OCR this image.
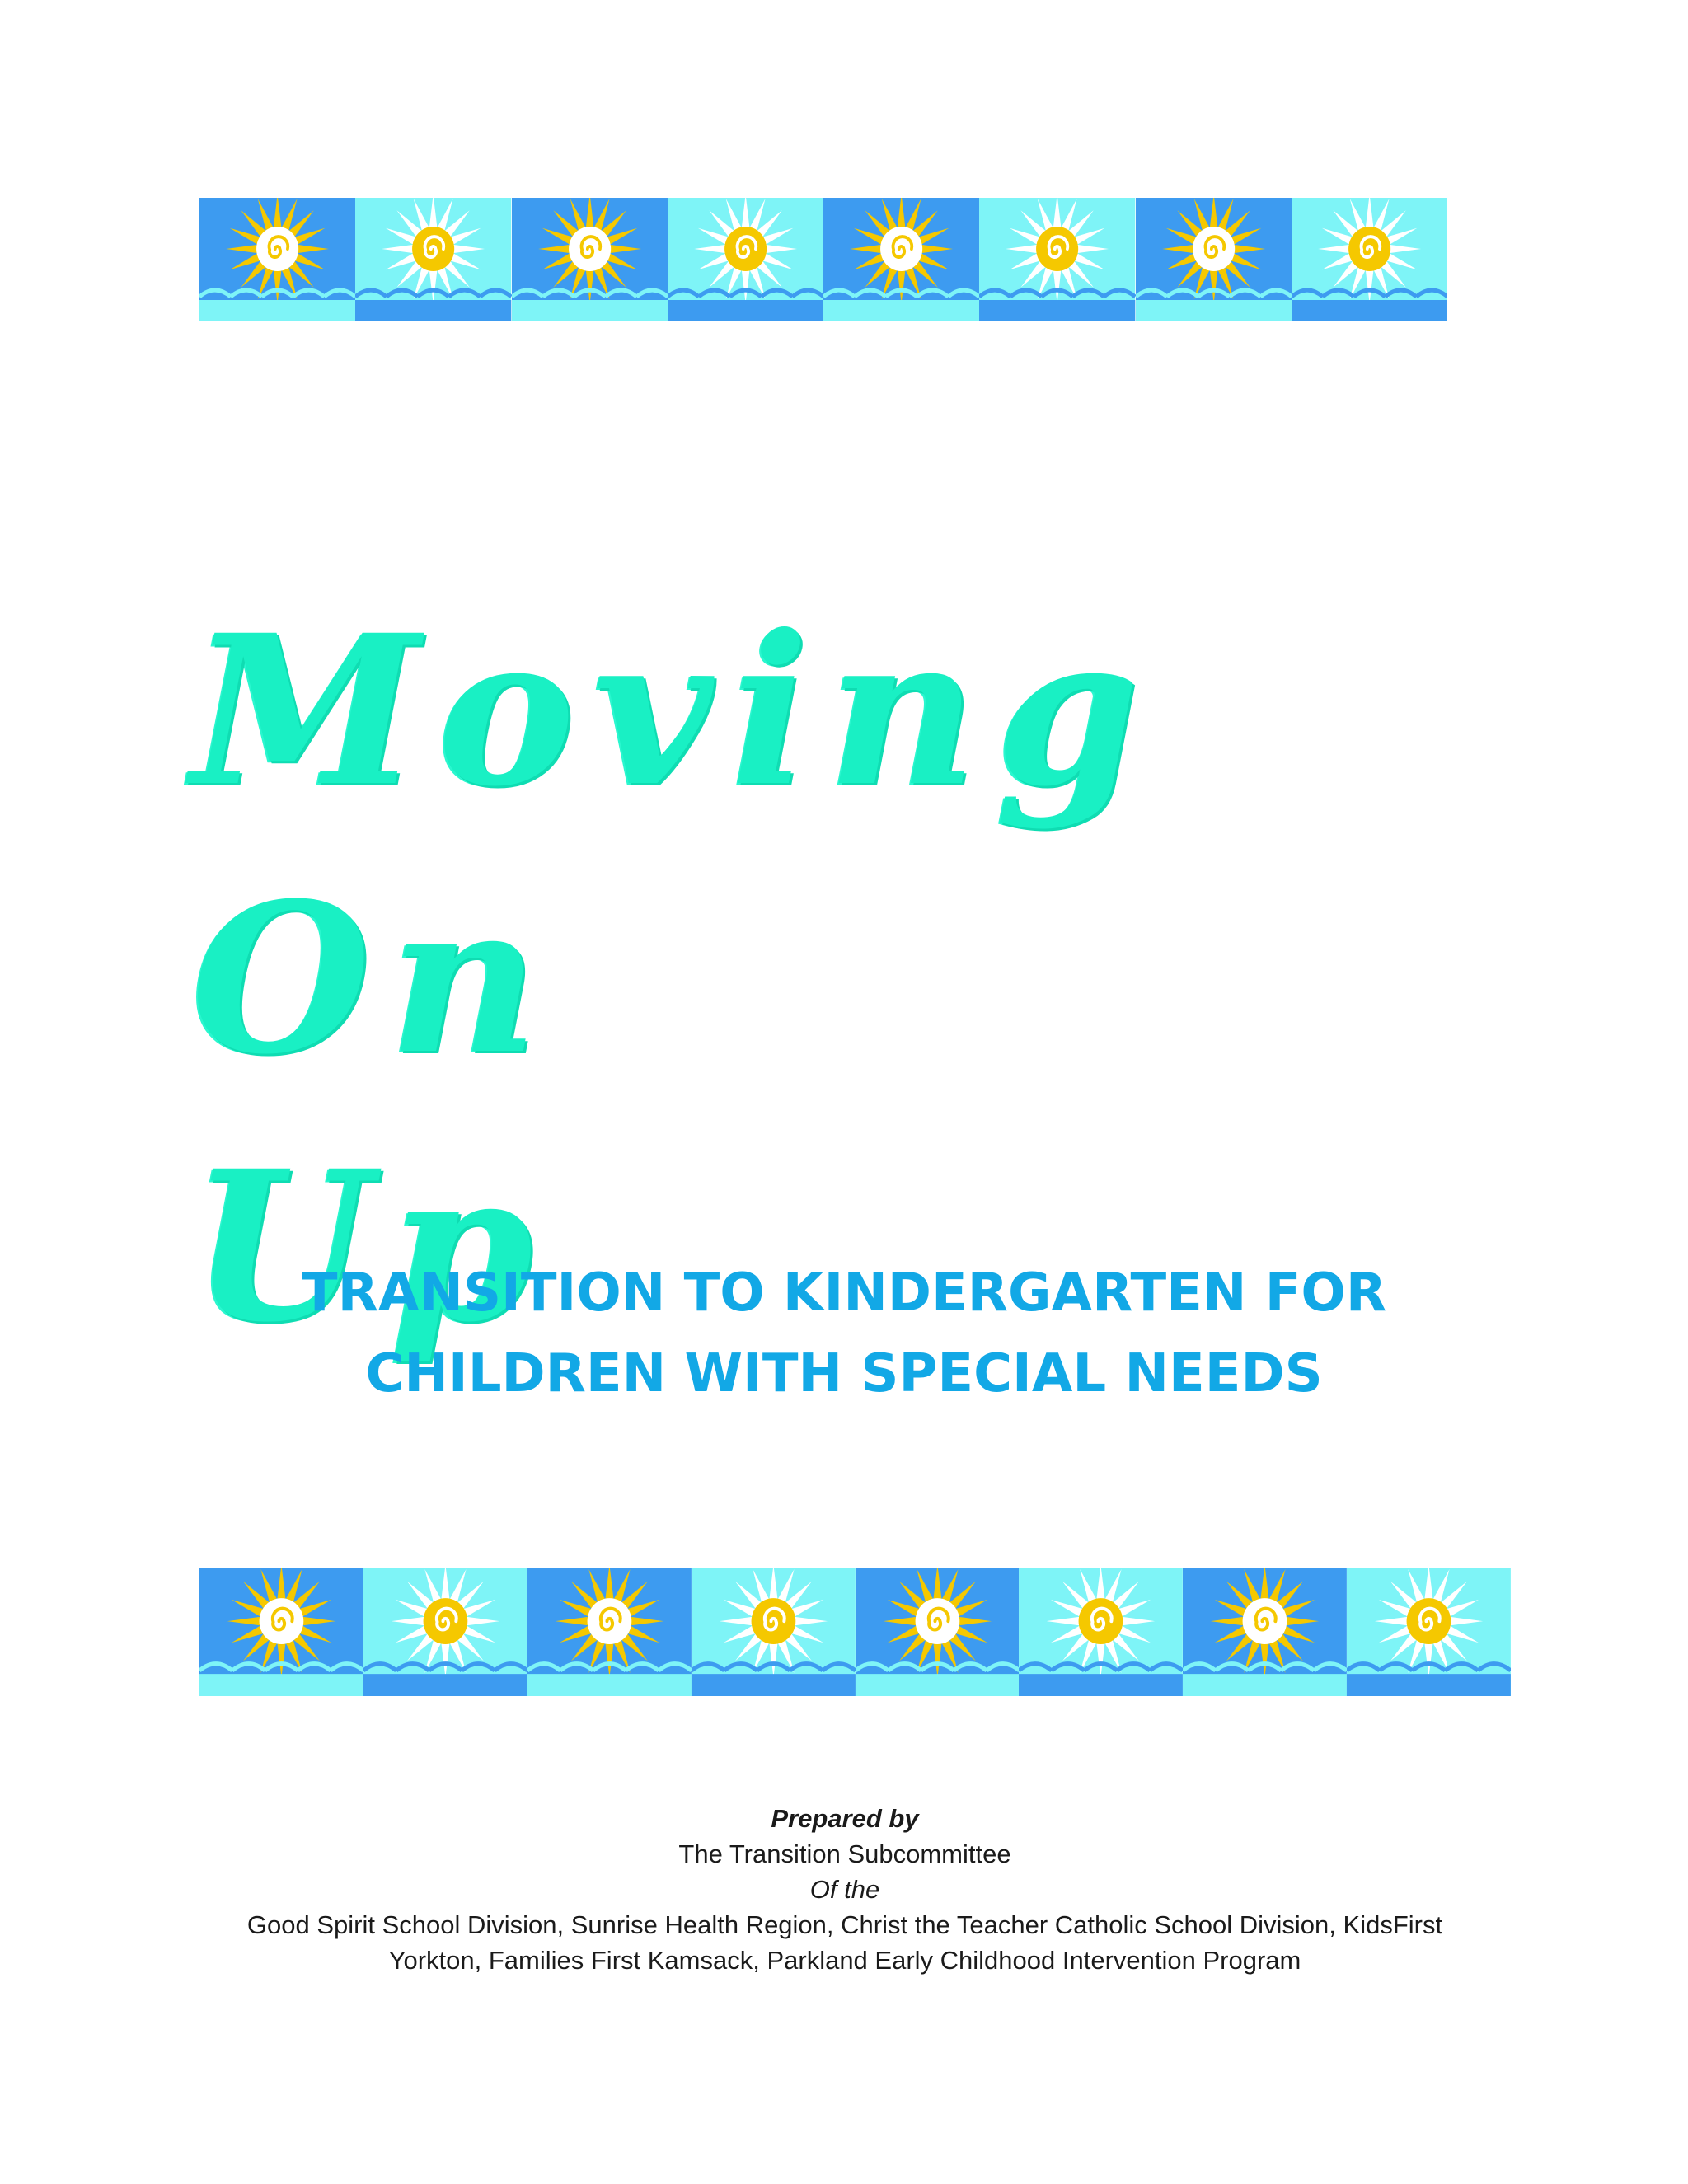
Moving On
Up
TRANSITION TO KINDERGARTEN FOR
CHILDREN WITH SPECIAL NEEDS
Prepared by
The Transition Subcommittee
Of the
Good Spirit School Division, Sunrise Health Region, Christ the Teacher Catholic School Division, KidsFirst
Yorkton, Families First Kamsack, Parkland Early Childhood Intervention Program
